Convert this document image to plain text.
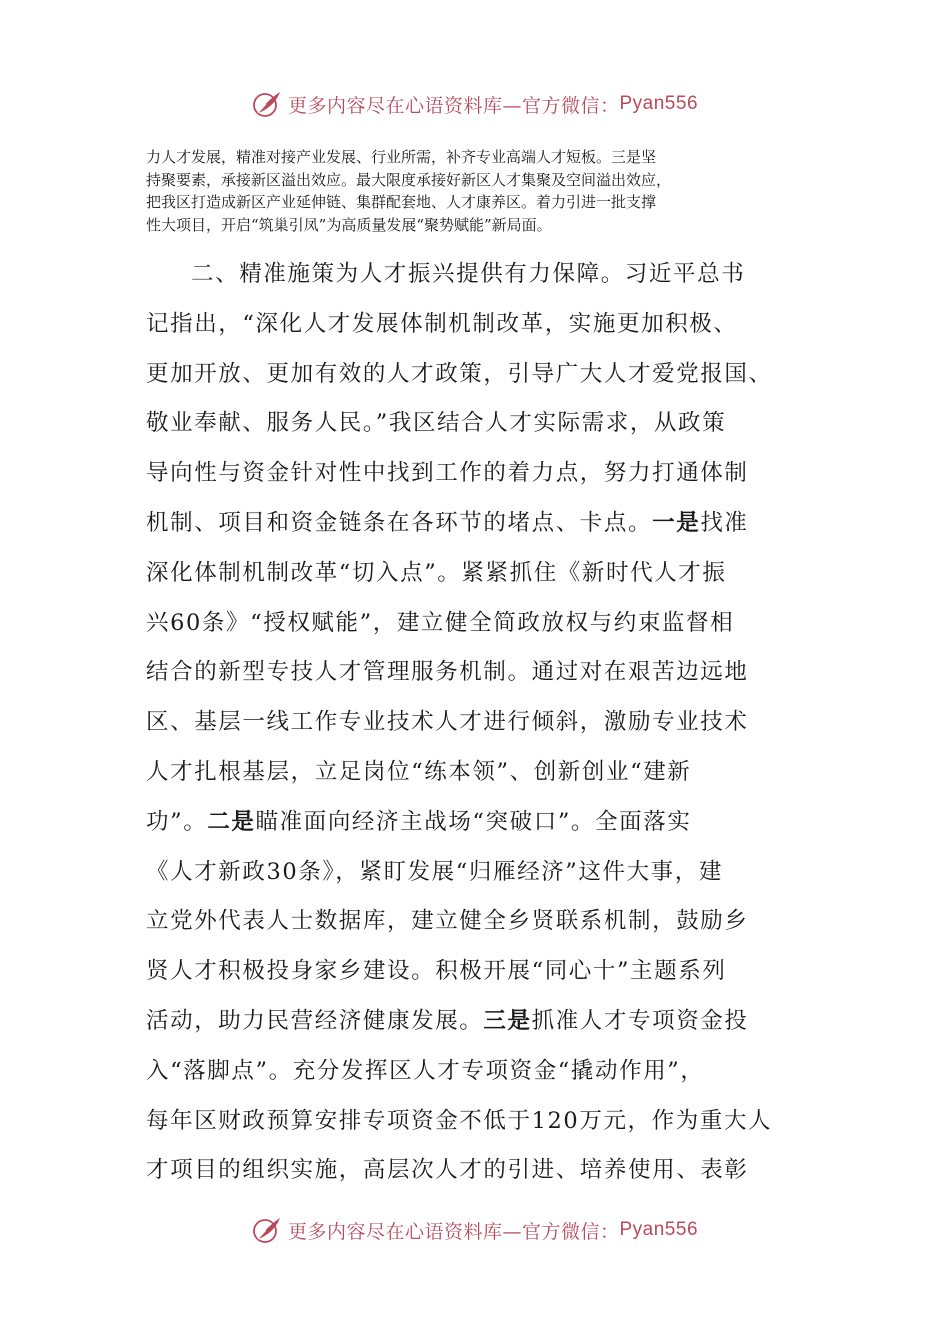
更多内容尽在心语资料库—官方微信： Pyan556
力人才发展，精准对接产业发展、行业所需，补齐专业高端人才短板。三是坚
持聚要素，承接新区溢出效应。最大限度承接好新区人才集聚及空间溢出效应，
把我区打造成新区产业延伸链、集群配套地、人才康养区。着力引进一批支撑
性大项目，开启“筑巢引凤”为高质量发展“聚势赋能”新局面。
二、精准施策为人才振兴提供有力保障。习近平总书
记指出，“深化人才发展体制机制改革，实施更加积极、
更加开放、更加有效的人才政策，引导广大人才爱党报国、
敬业奉献、服务人民。”我区结合人才实际需求，从政策
导向性与资金针对性中找到工作的着力点，努力打通体制
机制、项目和资金链条在各环节的堵点、卡点。一是找准
深化体制机制改革“切入点”。紧紧抓住《新时代人才振
兴60条》“授权赋能”，建立健全简政放权与约束监督相
结合的新型专技人才管理服务机制。通过对在艰苦边远地
区、基层一线工作专业技术人才进行倾斜，激励专业技术
人才扎根基层，立足岗位“练本领”、创新创业“建新
功”。二是瞄准面向经济主战场“突破口”。全面落实
《人才新政30条》，紧盯发展“归雁经济”这件大事，建
立党外代表人士数据库，建立健全乡贤联系机制，鼓励乡
贤人才积极投身家乡建设。积极开展“同心十”主题系列
活动，助力民营经济健康发展。三是抓准人才专项资金投
入“落脚点”。充分发挥区人才专项资金“撬动作用”，
每年区财政预算安排专项资金不低于120万元，作为重大人
才项目的组织实施，高层次人才的引进、培养使用、表彰
更多内容尽在心语资料库—官方微信： Pyan556
